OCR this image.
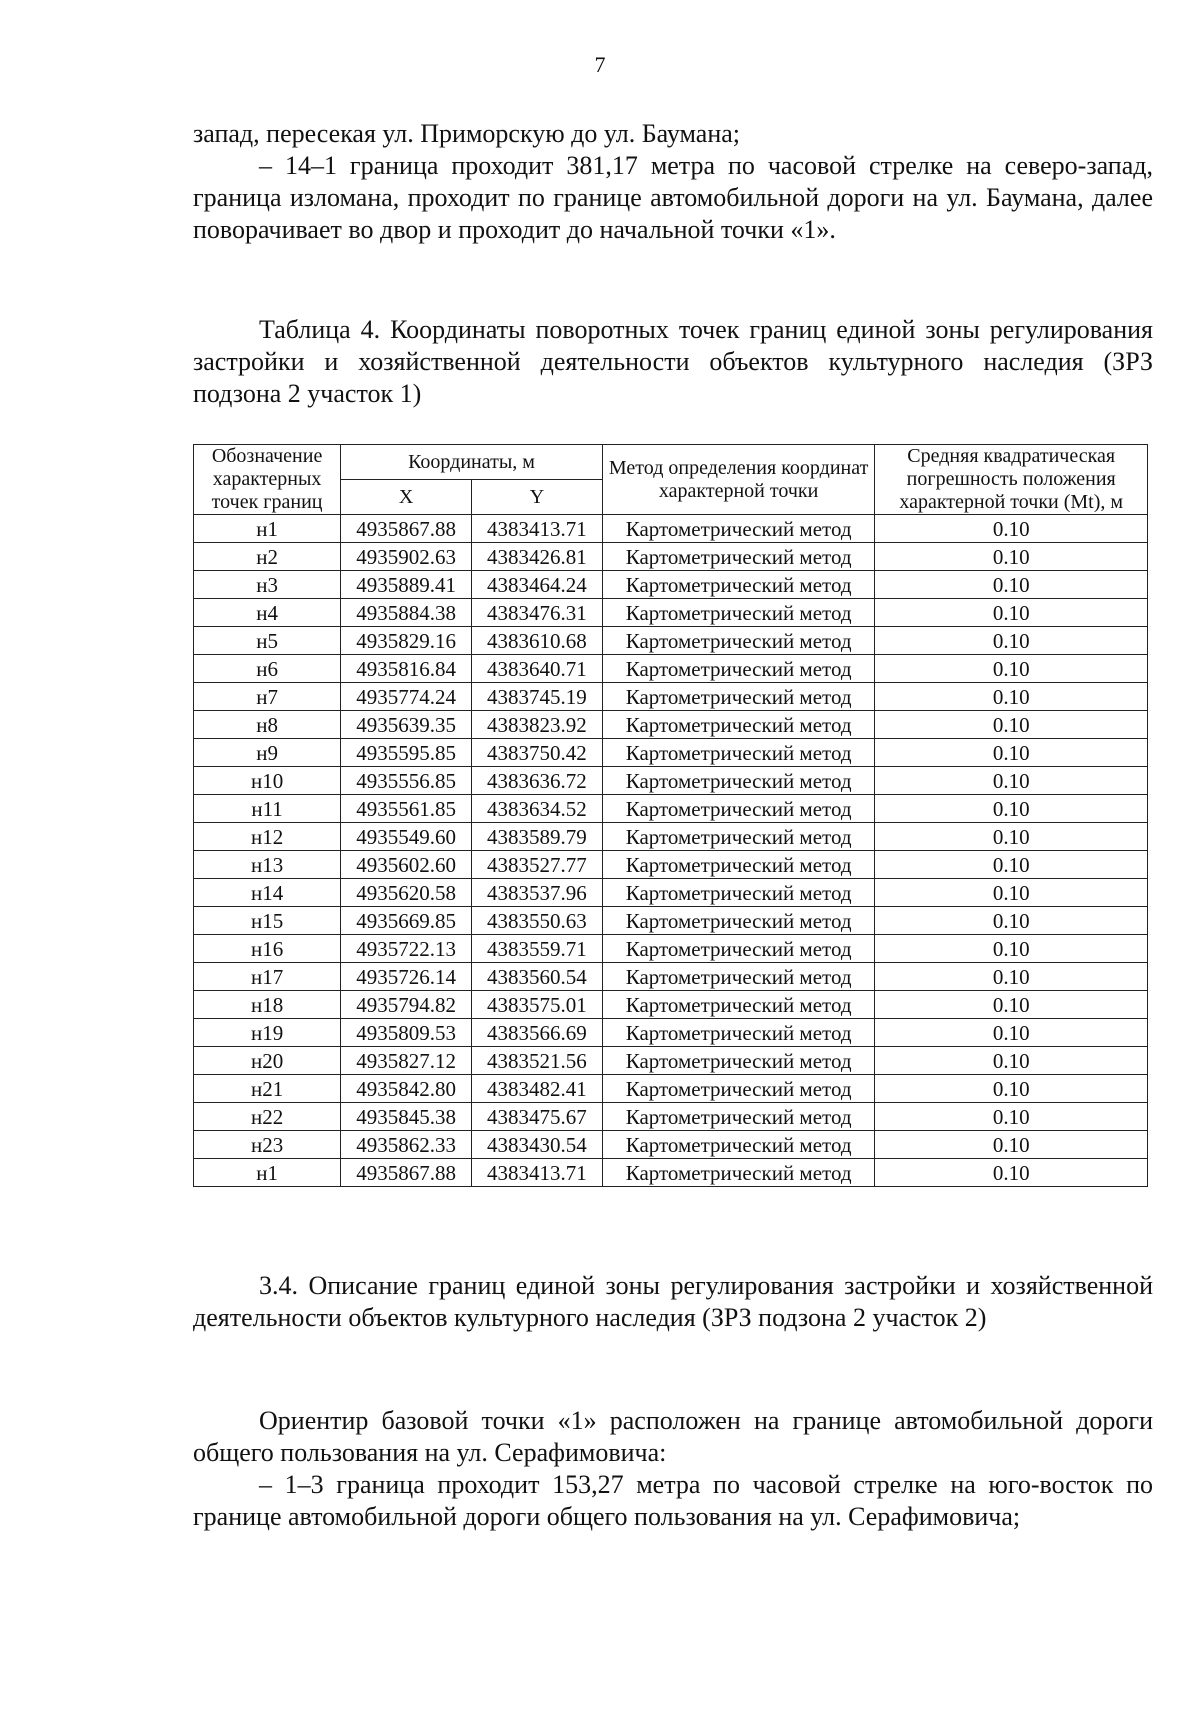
7

запад, пересекая ул. Приморскую до ул. Баумана;

– 14–1 граница проходит 381,17 метра по часовой стрелке на северо-запад, граница изломана, проходит по границе автомобильной дороги на ул. Баумана, далее поворачивает во двор и проходит до начальной точки «1».

Таблица 4. Координаты поворотных точек границ единой зоны регулирования застройки и хозяйственной деятельности объектов культурного наследия (ЗРЗ подзона 2 участок 1)

Обозначение характерных точек границ	Координаты, м		Метод определения координат характерной точки	Средняя квадратическая погрешность положения характерной точки (Mt), м
	X	Y		
н1	4935867.88	4383413.71	Картометрический метод	0.10
н2	4935902.63	4383426.81	Картометрический метод	0.10
н3	4935889.41	4383464.24	Картометрический метод	0.10
н4	4935884.38	4383476.31	Картометрический метод	0.10
н5	4935829.16	4383610.68	Картометрический метод	0.10
н6	4935816.84	4383640.71	Картометрический метод	0.10
н7	4935774.24	4383745.19	Картометрический метод	0.10
н8	4935639.35	4383823.92	Картометрический метод	0.10
н9	4935595.85	4383750.42	Картометрический метод	0.10
н10	4935556.85	4383636.72	Картометрический метод	0.10
н11	4935561.85	4383634.52	Картометрический метод	0.10
н12	4935549.60	4383589.79	Картометрический метод	0.10
н13	4935602.60	4383527.77	Картометрический метод	0.10
н14	4935620.58	4383537.96	Картометрический метод	0.10
н15	4935669.85	4383550.63	Картометрический метод	0.10
н16	4935722.13	4383559.71	Картометрический метод	0.10
н17	4935726.14	4383560.54	Картометрический метод	0.10
н18	4935794.82	4383575.01	Картометрический метод	0.10
н19	4935809.53	4383566.69	Картометрический метод	0.10
н20	4935827.12	4383521.56	Картометрический метод	0.10
н21	4935842.80	4383482.41	Картометрический метод	0.10
н22	4935845.38	4383475.67	Картометрический метод	0.10
н23	4935862.33	4383430.54	Картометрический метод	0.10
н1	4935867.88	4383413.71	Картометрический метод	0.10

3.4. Описание границ единой зоны регулирования застройки и хозяйственной деятельности объектов культурного наследия (ЗРЗ подзона 2 участок 2)

Ориентир базовой точки «1» расположен на границе автомобильной дороги общего пользования на ул. Серафимовича:

– 1–3 граница проходит 153,27 метра по часовой стрелке на юго-восток по границе автомобильной дороги общего пользования на ул. Серафимовича;
